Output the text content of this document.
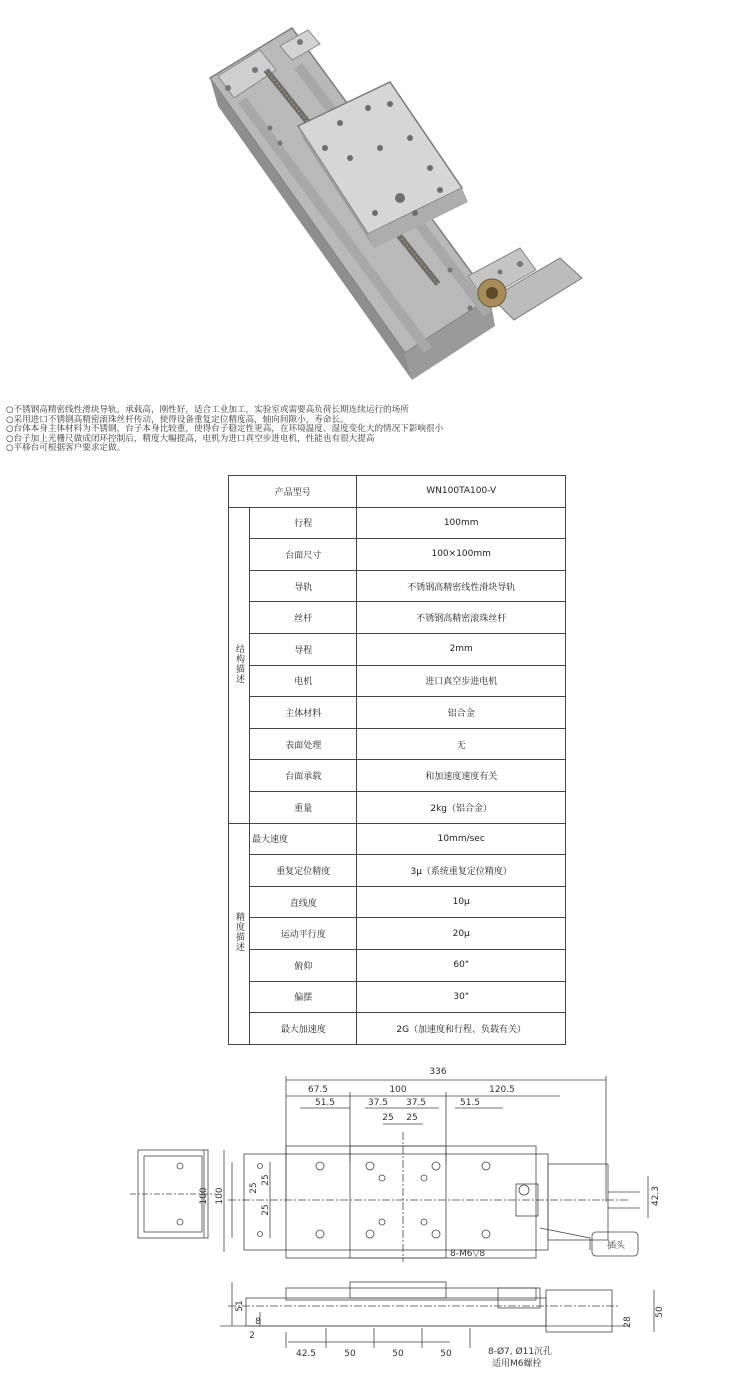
○不锈钢高精密线性滑块导轨，承载高，刚性好，适合工业加工，实验室或需要高负荷长期连续运行的场所
○采用进口不锈钢高精密滚珠丝杆传动，使得设备重复定位精度高，轴向间隙小，寿命长。
○台体本身主体材料为不锈钢，台子本身比较重，使得台子稳定性更高，在环境温度、湿度变化大的情况下影响很小
○台子加上光栅尺做成闭环控制后，精度大幅提高，电机为进口真空步进电机，性能也有很大提高
○平移台可根据客户要求定做。
产品型号		WN100TA100-V
结构描述	行程	100mm
	台面尺寸	100×100mm
	导轨	不锈钢高精密线性滑块导轨
	丝杆	不锈钢高精密滚珠丝杆
	导程	2mm
	电机	进口真空步进电机
	主体材料	铝合金
	表面处理	无
	台面承载	和加速度速度有关
	重量	2kg（铝合金）
精度描述	最大速度	10mm/sec
	重复定位精度	3μ（系统重复定位精度）
	直线度	10μ
	运动平行度	20μ
	俯仰	60"
	偏摆	30"
	最大加速度	2G（加速度和行程、负载有关）
336
67.5	100	120.5
51.5	37.5 37.5	51.5
25 25
100 100
25
25
25
42.3
8-M6▽8
插头
51
50
28
8
2
42.5	50	50	50	8-Ø7, Ø11沉孔
适用M6螺栓
